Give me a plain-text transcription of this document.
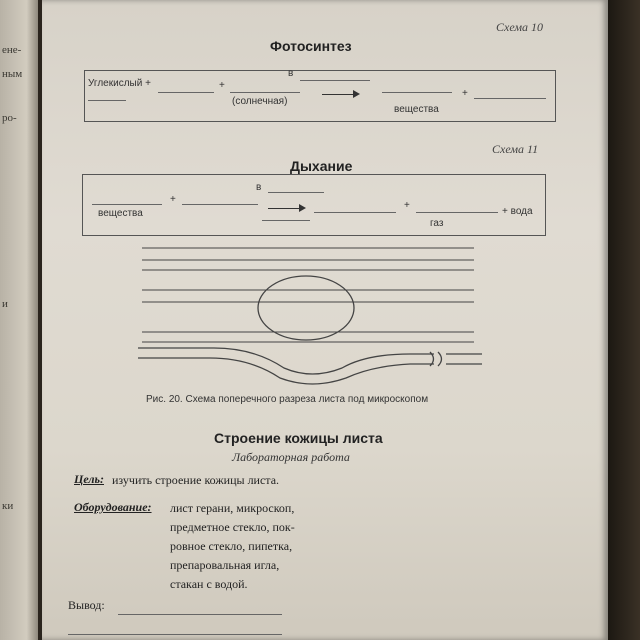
ене-
ным
ро-
и
ки
Схема 10
Фотосинтез
Углекислый +	+
в
(солнечная)
вещества
+
Схема 11
Дыхание
в
вещества
+
+
газ
+ вода
Рис. 20. Схема поперечного разреза листа под микроскопом
Строение кожицы листа
Лабораторная работа
Цель: изучить строение кожицы листа.
Оборудование: лист герани, микроскоп,
предметное стекло, пок-
ровное стекло, пипетка,
препаровальная игла,
стакан с водой.
Вывод:
